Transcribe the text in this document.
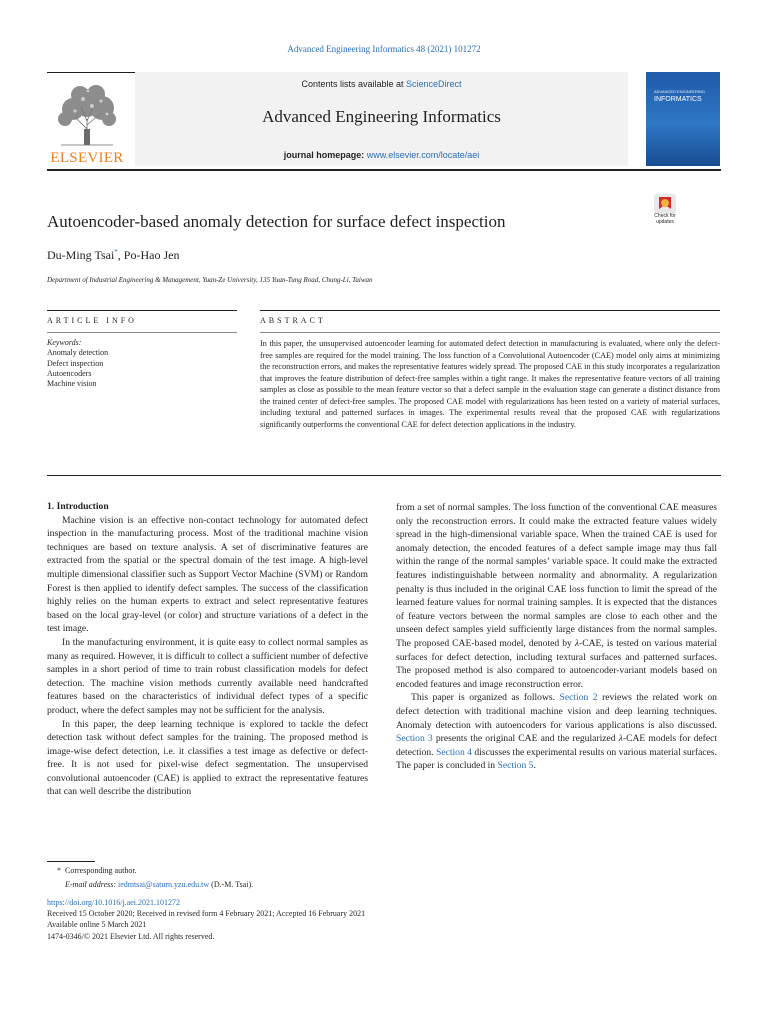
Advanced Engineering Informatics 48 (2021) 101272
ELSEVIER
Contents lists available at ScienceDirect
Advanced Engineering Informatics
journal homepage: www.elsevier.com/locate/aei
ADVANCED ENGINEERING
INFORMATICS
Autoencoder-based anomaly detection for surface defect inspection	Check for
updates
Du-Ming Tsai*, Po-Hao Jen
Department of Industrial Engineering & Management, Yuan-Ze University, 135 Yuan-Tung Road, Chung-Li, Taiwan
ARTICLE INFO	ABSTRACT
Keywords:
Anomaly detection
Defect inspection
Autoencoders
Machine vision
In this paper, the unsupervised autoencoder learning for automated defect detection in manufacturing is evaluated, where only the defect-free samples are required for the model training. The loss function of a Convolutional Autoencoder (CAE) model only aims at minimizing the reconstruction errors, and makes the representative features widely spread. The proposed CAE in this study incorporates a regularization that improves the feature distribution of defect-free samples within a tight range. It makes the representative feature vectors of all training samples as close as possible to the mean feature vector so that a defect sample in the evaluation stage can generate a distinct distance from the trained center of defect-free samples. The proposed CAE model with regularizations has been tested on a variety of material surfaces, including textural and patterned surfaces in images. The experimental results reveal that the proposed CAE with regularizations significantly outperforms the conventional CAE for defect detection applications in the industry.

1. Introduction

Machine vision is an effective non-contact technology for automated defect inspection in the manufacturing process. Most of the traditional machine vision techniques are based on texture analysis. A set of discriminative features are extracted from the spatial or the spectral domain of the test image. A high-level multiple dimensional classifier such as Support Vector Machine (SVM) or Random Forest is then applied to identify defect samples. The success of the classification highly relies on the human experts to extract and select representative features based on the local gray-level (or color) and structure variations of a defect in the test image.

In the manufacturing environment, it is quite easy to collect normal samples as many as required. However, it is difficult to collect a sufficient number of defective samples in a short period of time to train robust classification models for defect detection. The machine vision methods currently available need handcrafted features based on the characteristics of individual defect types of a specific product, where the defect samples may not be sufficient for the analysis.

In this paper, the deep learning technique is explored to tackle the defect detection task without defect samples for the training. The proposed method is image-wise defect detection, i.e. it classifies a test image as defective or defect-free. It is not used for pixel-wise defect segmentation. The unsupervised convolutional autoencoder (CAE) is applied to extract the representative features that can well describe the distribution

from a set of normal samples. The loss function of the conventional CAE measures only the reconstruction errors. It could make the extracted feature values widely spread in the high-dimensional variable space. When the trained CAE is used for anomaly detection, the encoded features of a defect sample image may thus fall within the range of the normal samples’ variable space. It could make the extracted features indistinguishable between normality and abnormality. A regularization penalty is thus included in the original CAE loss function to limit the spread of the learned feature values for normal training samples. It is expected that the distances of feature vectors between the normal samples are close to each other and the unseen defect samples yield sufficiently large distances from the normal samples. The proposed CAE-based model, denoted by λ-CAE, is tested on various material surfaces for defect detection, including textural surfaces and patterned surfaces. The proposed method is also compared to autoencoder-variant models based on encoded features and image reconstruction error.

This paper is organized as follows. Section 2 reviews the related work on defect detection with traditional machine vision and deep learning techniques. Anomaly detection with autoencoders for various applications is also discussed. Section 3 presents the original CAE and the regularized λ-CAE models for defect detection. Section 4 discusses the experimental results on various material surfaces. The paper is concluded in Section 5.

* Corresponding author.
E-mail address: iedmtsai@saturn.yzu.edu.tw (D.-M. Tsai).
https://doi.org/10.1016/j.aei.2021.101272
Received 15 October 2020; Received in revised form 4 February 2021; Accepted 16 February 2021
Available online 5 March 2021
1474-0346/© 2021 Elsevier Ltd. All rights reserved.
